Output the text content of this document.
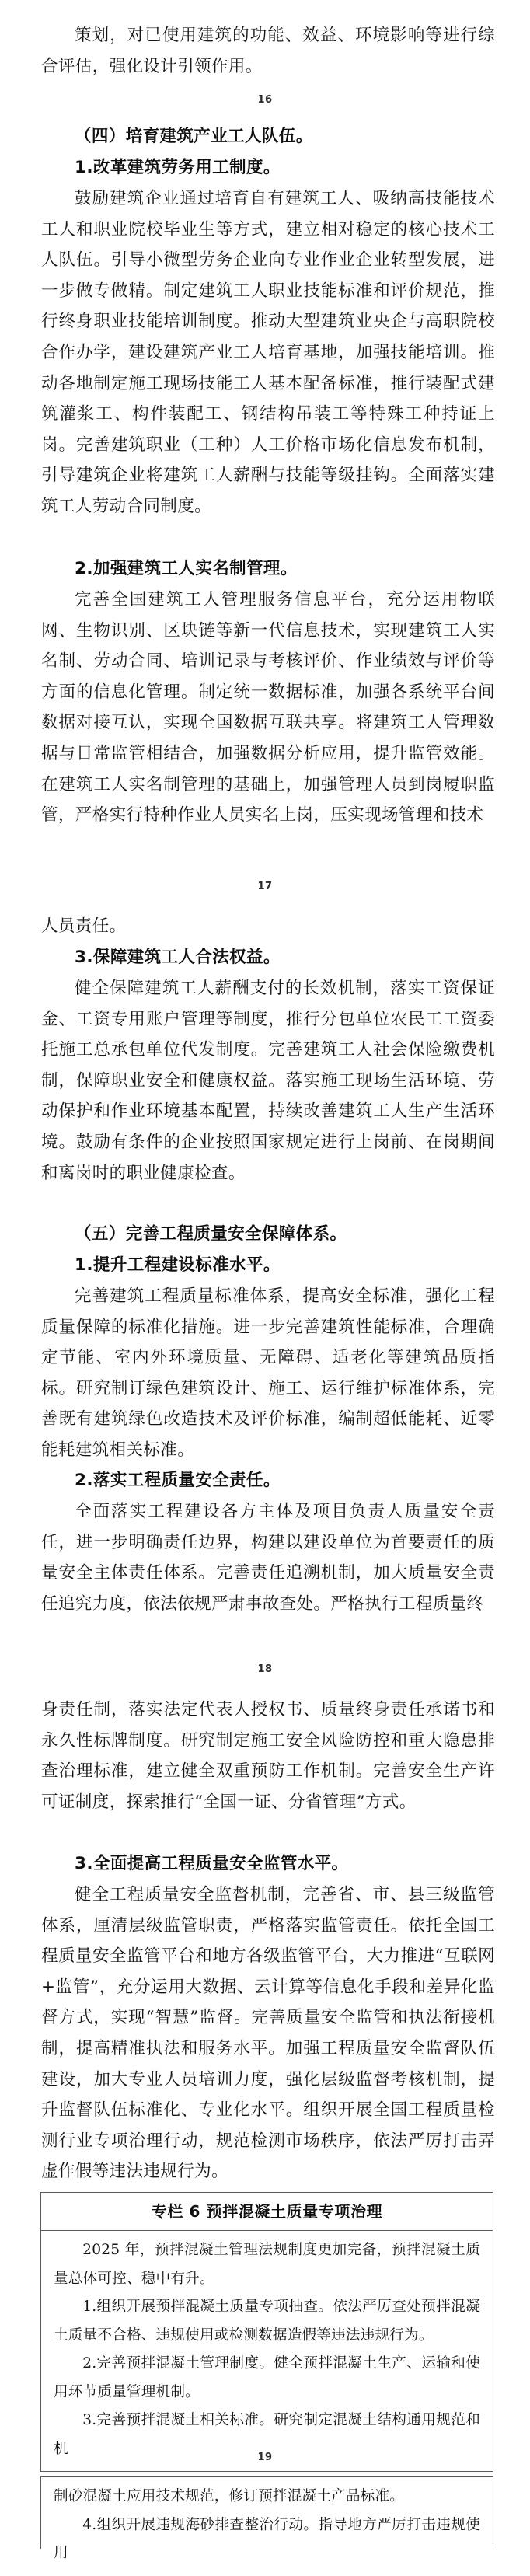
策划，对已使用建筑的功能、效益、环境影响等进行综合评估，强化设计引领作用。

16

（四）培育建筑产业工人队伍。

1.改革建筑劳务用工制度。

鼓励建筑企业通过培育自有建筑工人、吸纳高技能技术工人和职业院校毕业生等方式，建立相对稳定的核心技术工人队伍。引导小微型劳务企业向专业作业企业转型发展，进一步做专做精。制定建筑工人职业技能标准和评价规范，推行终身职业技能培训制度。推动大型建筑业央企与高职院校合作办学，建设建筑产业工人培育基地，加强技能培训。推动各地制定施工现场技能工人基本配备标准，推行装配式建筑灌浆工、构件装配工、钢结构吊装工等特殊工种持证上岗。完善建筑职业（工种）人工价格市场化信息发布机制，引导建筑企业将建筑工人薪酬与技能等级挂钩。全面落实建筑工人劳动合同制度。

2.加强建筑工人实名制管理。

完善全国建筑工人管理服务信息平台，充分运用物联网、生物识别、区块链等新一代信息技术，实现建筑工人实名制、劳动合同、培训记录与考核评价、作业绩效与评价等方面的信息化管理。制定统一数据标准，加强各系统平台间数据对接互认，实现全国数据互联共享。将建筑工人管理数据与日常监管相结合，加强数据分析应用，提升监管效能。在建筑工人实名制管理的基础上，加强管理人员到岗履职监管，严格实行特种作业人员实名上岗，压实现场管理和技术

17

人员责任。

3.保障建筑工人合法权益。

健全保障建筑工人薪酬支付的长效机制，落实工资保证金、工资专用账户管理等制度，推行分包单位农民工工资委托施工总承包单位代发制度。完善建筑工人社会保险缴费机制，保障职业安全和健康权益。落实施工现场生活环境、劳动保护和作业环境基本配置，持续改善建筑工人生产生活环境。鼓励有条件的企业按照国家规定进行上岗前、在岗期间和离岗时的职业健康检查。

（五）完善工程质量安全保障体系。

1.提升工程建设标准水平。

完善建筑工程质量标准体系，提高安全标准，强化工程质量保障的标准化措施。进一步完善建筑性能标准，合理确定节能、室内外环境质量、无障碍、适老化等建筑品质指标。研究制订绿色建筑设计、施工、运行维护标准体系，完善既有建筑绿色改造技术及评价标准，编制超低能耗、近零能耗建筑相关标准。

2.落实工程质量安全责任。

全面落实工程建设各方主体及项目负责人质量安全责任，进一步明确责任边界，构建以建设单位为首要责任的质量安全主体责任体系。完善责任追溯机制，加大质量安全责任追究力度，依法依规严肃事故查处。严格执行工程质量终

18

身责任制，落实法定代表人授权书、质量终身责任承诺书和永久性标牌制度。研究制定施工安全风险防控和重大隐患排查治理标准，建立健全双重预防工作机制。完善安全生产许可证制度，探索推行“全国一证、分省管理”方式。

3.全面提高工程质量安全监管水平。

健全工程质量安全监督机制，完善省、市、县三级监管体系，厘清层级监管职责，严格落实监管责任。依托全国工程质量安全监管平台和地方各级监管平台，大力推进“互联网+监管”，充分运用大数据、云计算等信息化手段和差异化监督方式，实现“智慧”监督。完善质量安全监管和执法衔接机制，提高精准执法和服务水平。加强工程质量安全监督队伍建设，加大专业人员培训力度，强化层级监督考核机制，提升监督队伍标准化、专业化水平。组织开展全国工程质量检测行业专项治理行动，规范检测市场秩序，依法严厉打击弄虚作假等违法违规行为。

专栏 6 预拌混凝土质量专项治理

2025 年，预拌混凝土管理法规制度更加完备，预拌混凝土质量总体可控、稳中有升。

1.组织开展预拌混凝土质量专项抽查。依法严厉查处预拌混凝土质量不合格、违规使用或检测数据造假等违法违规行为。

2.完善预拌混凝土管理制度。健全预拌混凝土生产、运输和使用环节质量管理机制。

3.完善预拌混凝土相关标准。研究制定混凝土结构通用规范和机

19

制砂混凝土应用技术规范，修订预拌混凝土产品标准。

4.组织开展违规海砂排查整治行动。指导地方严厉打击违规使用
